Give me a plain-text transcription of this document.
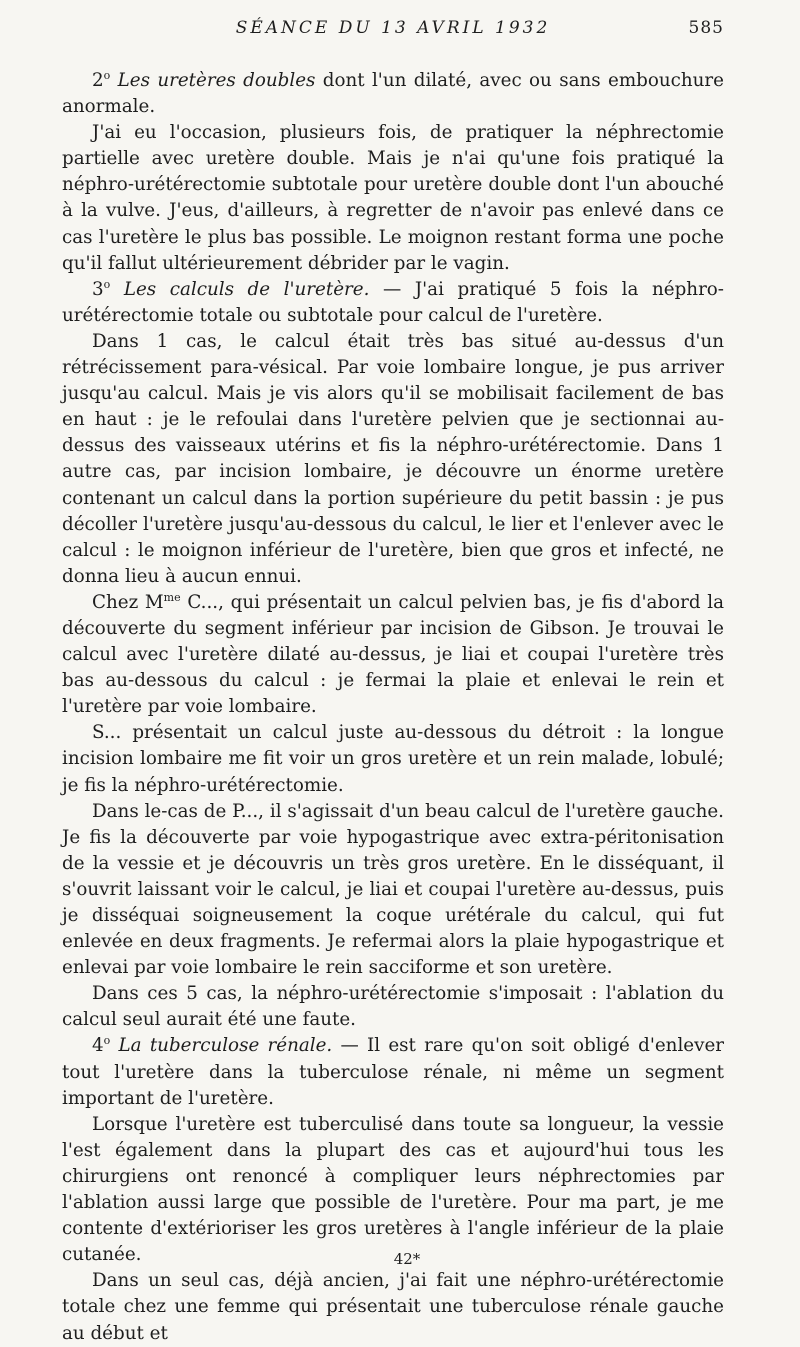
SÉANCE DU 13 AVRIL 1932	585

2$^o$ Les uretères doubles dont l'un dilaté, avec ou sans embouchure anormale.

J'ai eu l'occasion, plusieurs fois, de pratiquer la néphrectomie partielle avec uretère double. Mais je n'ai qu'une fois pratiqué la néphro-urétérectomie subtotale pour uretère double dont l'un abouché à la vulve. J'eus, d'ailleurs, à regretter de n'avoir pas enlevé dans ce cas l'uretère le plus bas possible. Le moignon restant forma une poche qu'il fallut ultérieurement débrider par le vagin.

3$^o$ Les calculs de l'uretère. — J'ai pratiqué 5 fois la néphro-urétérectomie totale ou subtotale pour calcul de l'uretère.

Dans 1 cas, le calcul était très bas situé au-dessus d'un rétrécissement para-vésical. Par voie lombaire longue, je pus arriver jusqu'au calcul. Mais je vis alors qu'il se mobilisait facilement de bas en haut : je le refoulai dans l'uretère pelvien que je sectionnai au-dessus des vaisseaux utérins et fis la néphro-urétérectomie. Dans 1 autre cas, par incision lombaire, je découvre un énorme uretère contenant un calcul dans la portion supérieure du petit bassin : je pus décoller l'uretère jusqu'au-dessous du calcul, le lier et l'enlever avec le calcul : le moignon inférieur de l'uretère, bien que gros et infecté, ne donna lieu à aucun ennui.

Chez $M^{me}$ C..., qui présentait un calcul pelvien bas, je fis d'abord la découverte du segment inférieur par incision de Gibson. Je trouvai le calcul avec l'uretère dilaté au-dessus, je liai et coupai l'uretère très bas au-dessous du calcul : je fermai la plaie et enlevai le rein et l'uretère par voie lombaire.

S... présentait un calcul juste au-dessous du détroit : la longue incision lombaire me fit voir un gros uretère et un rein malade, lobulé; je fis la néphro-urétérectomie.

Dans le-cas de P..., il s'agissait d'un beau calcul de l'uretère gauche. Je fis la découverte par voie hypogastrique avec extra-péritonisation de la vessie et je découvris un très gros uretère. En le disséquant, il s'ouvrit laissant voir le calcul, je liai et coupai l'uretère au-dessus, puis je disséquai soigneusement la coque urétérale du calcul, qui fut enlevée en deux fragments. Je refermai alors la plaie hypogastrique et enlevai par voie lombaire le rein sacciforme et son uretère.

Dans ces 5 cas, la néphro-urétérectomie s'imposait : l'ablation du calcul seul aurait été une faute.

4$^o$ La tuberculose rénale. — Il est rare qu'on soit obligé d'enlever tout l'uretère dans la tuberculose rénale, ni même un segment important de l'uretère.

Lorsque l'uretère est tuberculisé dans toute sa longueur, la vessie l'est également dans la plupart des cas et aujourd'hui tous les chirurgiens ont renoncé à compliquer leurs néphrectomies par l'ablation aussi large que possible de l'uretère. Pour ma part, je me contente d'extérioriser les gros uretères à l'angle inférieur de la plaie cutanée.

Dans un seul cas, déjà ancien, j'ai fait une néphro-urétérectomie totale chez une femme qui présentait une tuberculose rénale gauche au début et

42*
